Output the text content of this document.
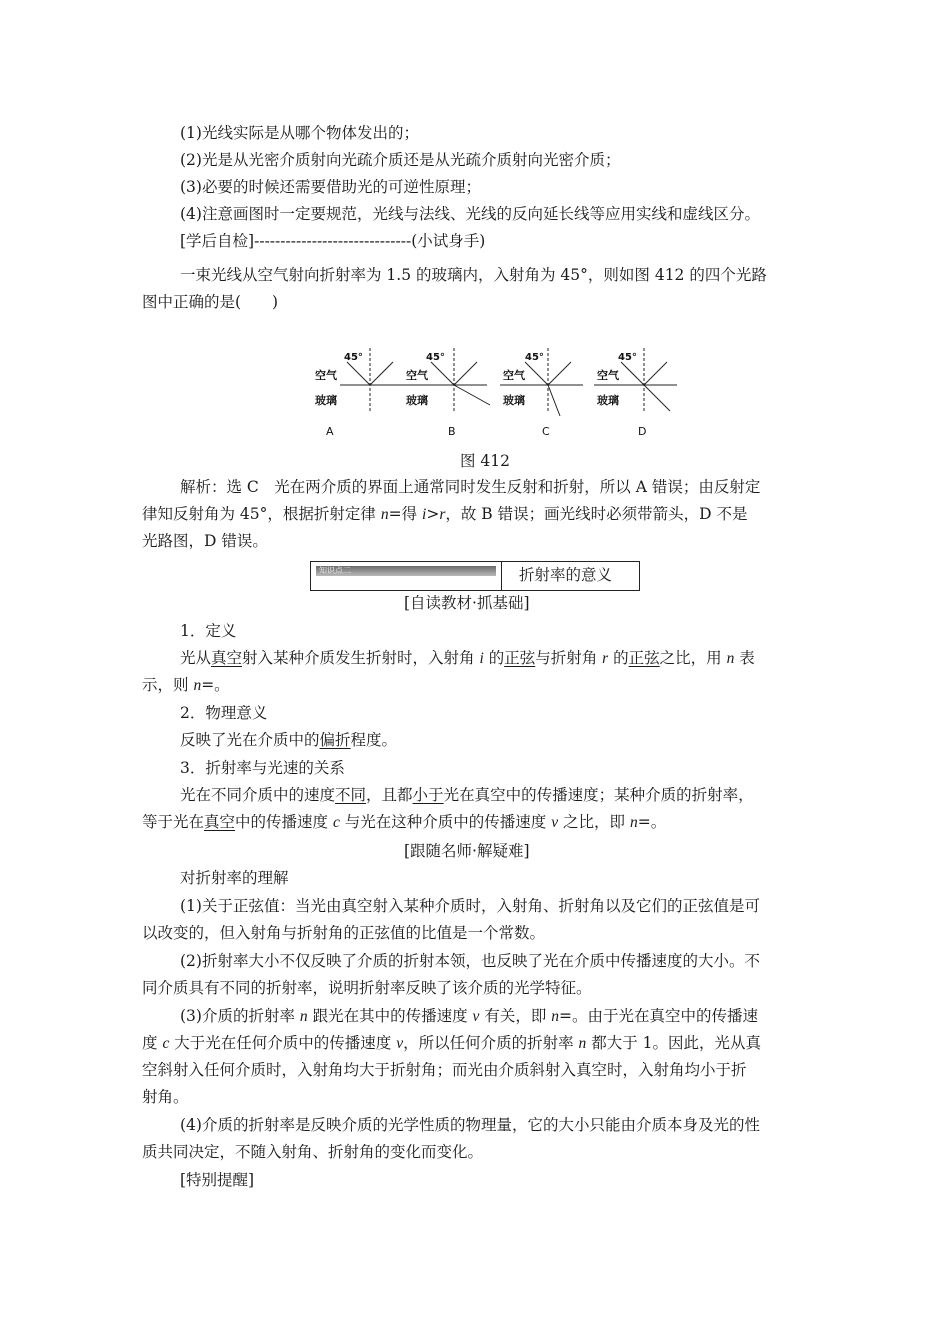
(1)光线实际是从哪个物体发出的；
(2)光是从光密介质射向光疏介质还是从光疏介质射向光密介质；
(3)必要的时候还需要借助光的可逆性原理；
(4)注意画图时一定要规范，光线与法线、光线的反向延长线等应用实线和虚线区分。
[学后自检]------------------------------(小试身手)
一束光线从空气射向折射率为 1.5 的玻璃内，入射角为 45°，则如图 412 的四个光路
图中正确的是(　　)
45°
空气
玻璃
A
45°
空气
玻璃
B
45°
空气
玻璃
C
45°
空气
玻璃
D
图 412
解析：选 C　光在两介质的界面上通常同时发生反射和折射，所以 A 错误；由反射定
律知反射角为 45°，根据折射定律 n=得 i>r，故 B 错误；画光线时必须带箭头，D 不是
光路图，D 错误。
知识点二	折射率的意义
[自读教材·抓基础]
1．定义
光从真空射入某种介质发生折射时，入射角 i 的正弦与折射角 r 的正弦之比，用 n 表
示，则 n=。
2．物理意义
反映了光在介质中的偏折程度。
3．折射率与光速的关系
光在不同介质中的速度不同，且都小于光在真空中的传播速度；某种介质的折射率，
等于光在真空中的传播速度 c 与光在这种介质中的传播速度 v 之比，即 n=。
[跟随名师·解疑难]
对折射率的理解
(1)关于正弦值：当光由真空射入某种介质时，入射角、折射角以及它们的正弦值是可
以改变的，但入射角与折射角的正弦值的比值是一个常数。
(2)折射率大小不仅反映了介质的折射本领，也反映了光在介质中传播速度的大小。不
同介质具有不同的折射率，说明折射率反映了该介质的光学特征。
(3)介质的折射率 n 跟光在其中的传播速度 v 有关，即 n=。由于光在真空中的传播速
度 c 大于光在任何介质中的传播速度 v，所以任何介质的折射率 n 都大于 1。因此，光从真
空斜射入任何介质时，入射角均大于折射角；而光由介质斜射入真空时，入射角均小于折
射角。
(4)介质的折射率是反映介质的光学性质的物理量，它的大小只能由介质本身及光的性
质共同决定，不随入射角、折射角的变化而变化。
[特别提醒]
